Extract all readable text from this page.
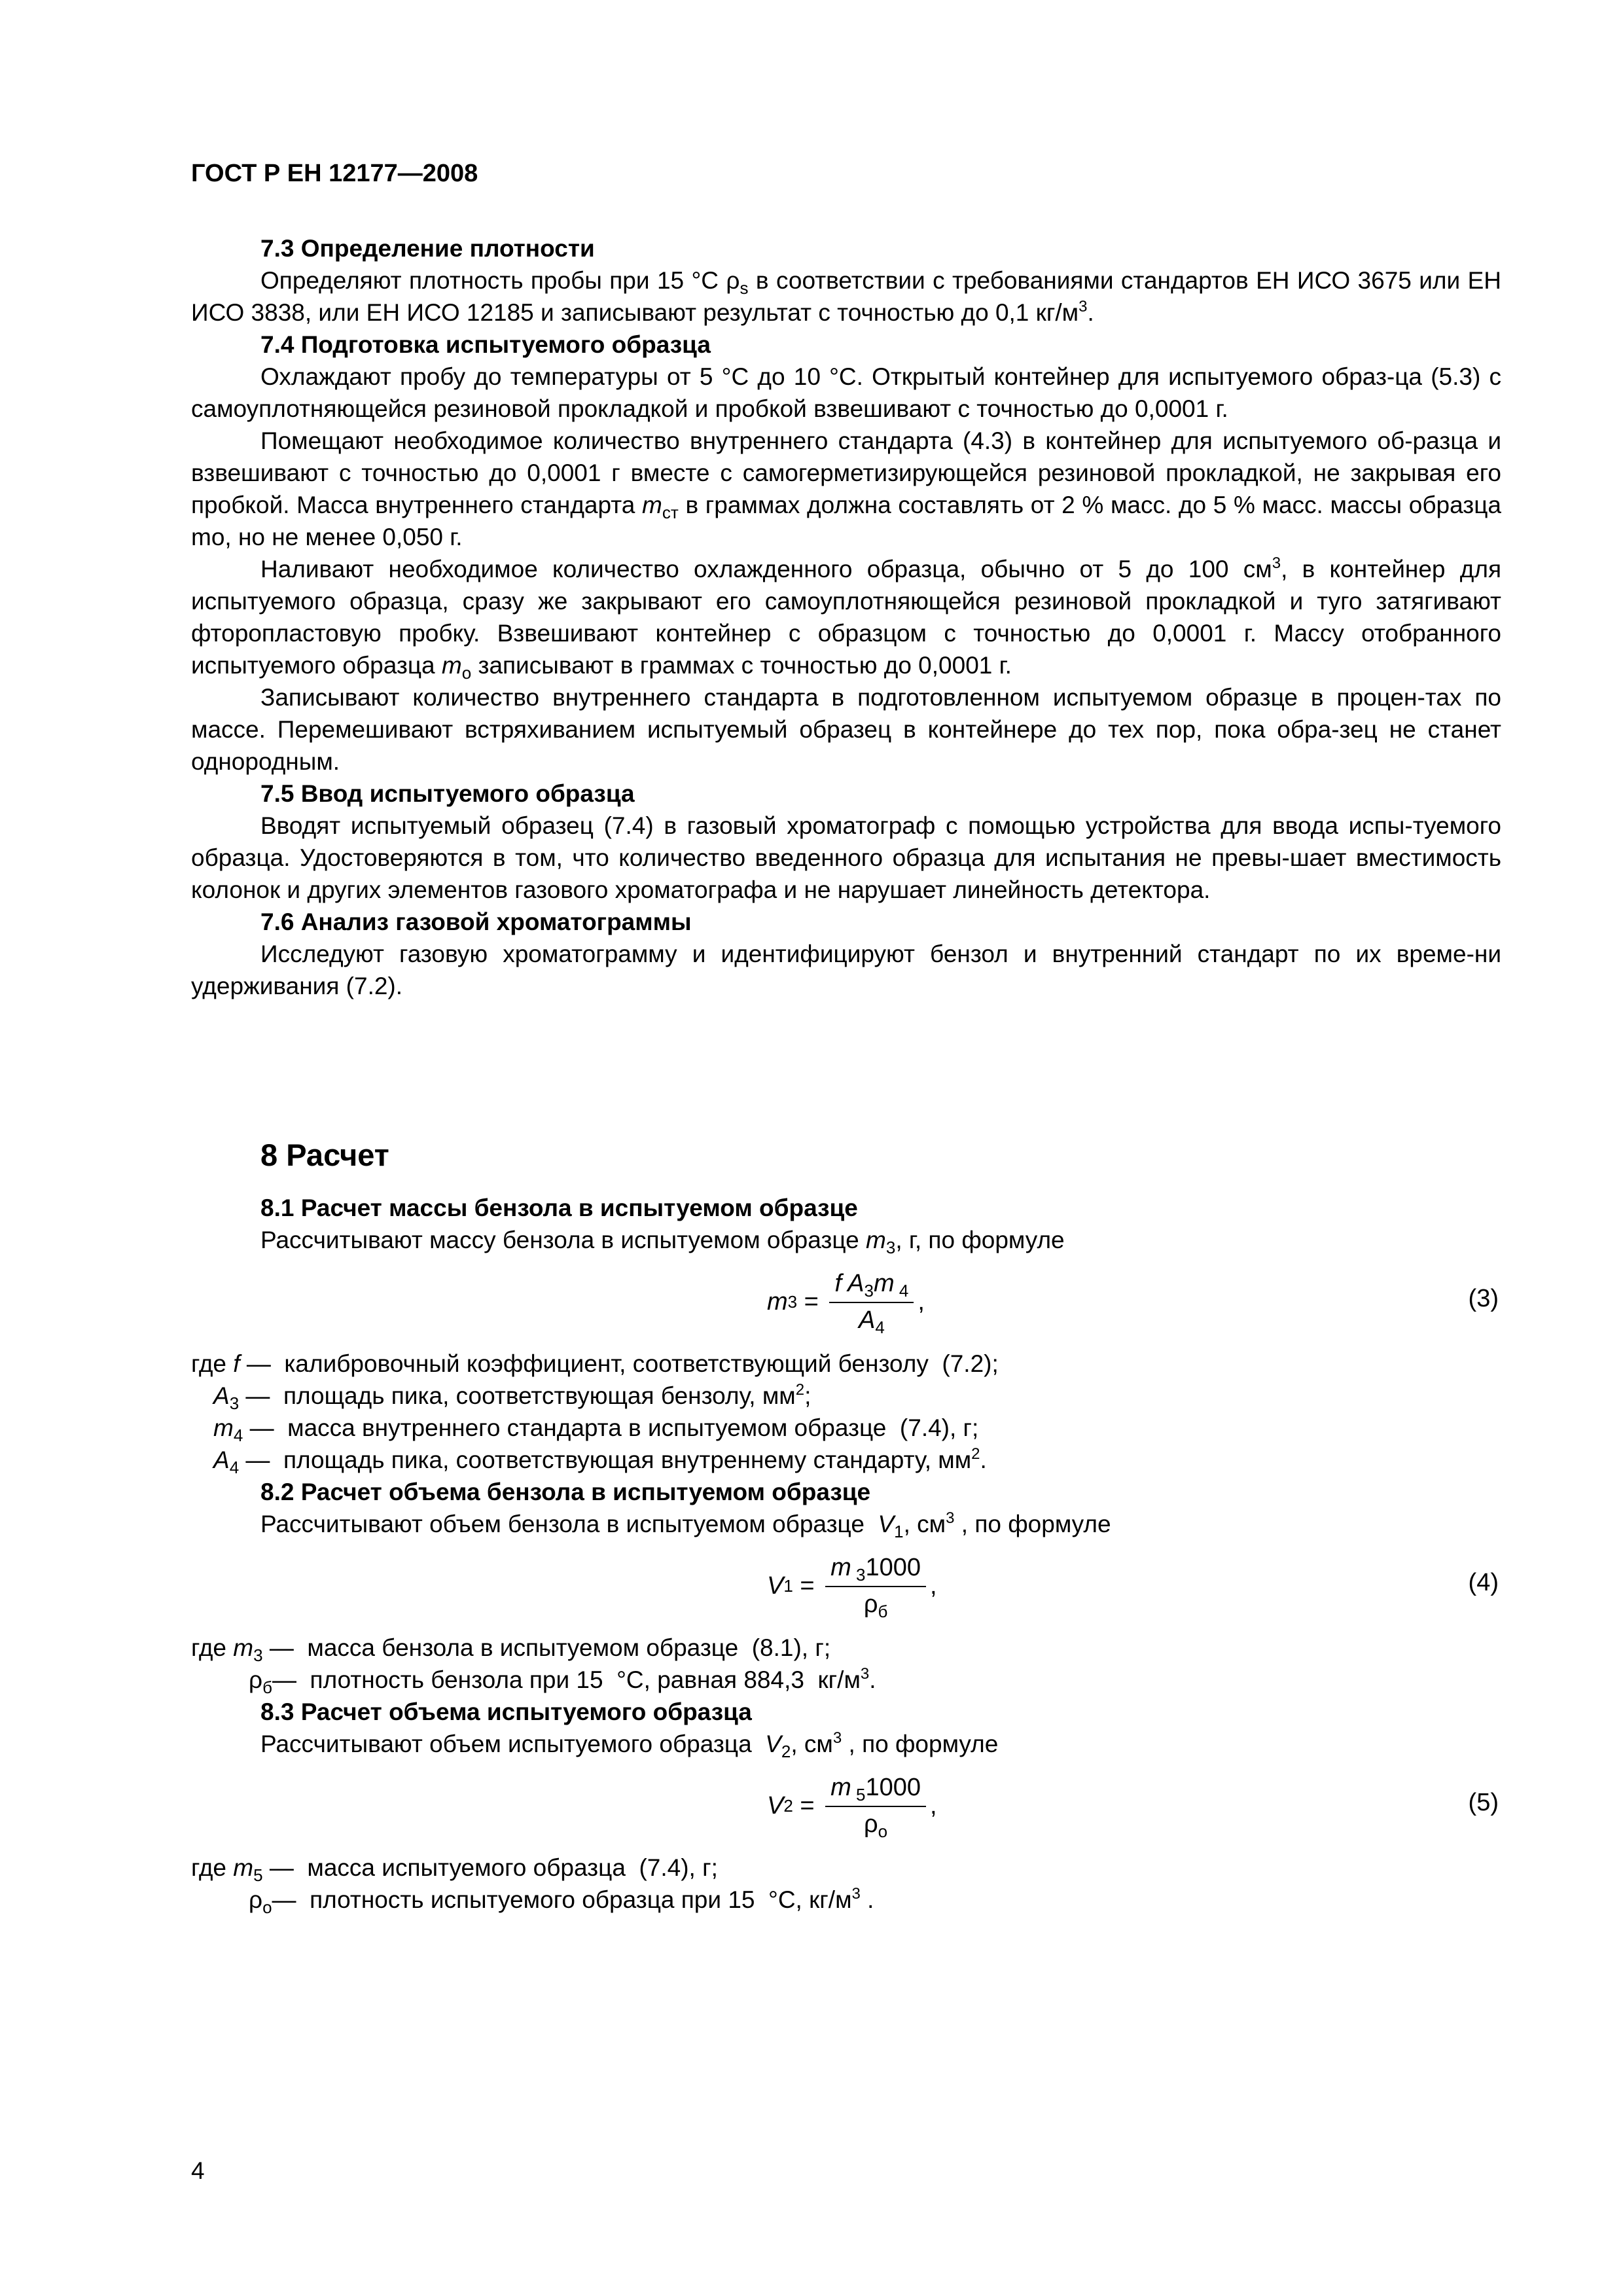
ГОСТ Р ЕН 12177—2008
7.3 Определение плотности

Определяют плотность пробы при 15 °С $\rho_s$ в соответствии с требованиями стандартов ЕН ИСО 3675 или ЕН ИСО 3838, или ЕН ИСО 12185 и записывают результат с точностью до 0,1 $кг/м^3$.

7.4 Подготовка испытуемого образца

Охлаждают пробу до температуры от 5 °С до 10 °С. Открытый контейнер для испытуемого образ-ца (5.3) с самоуплотняющейся резиновой прокладкой и пробкой взвешивают с точностью до 0,0001 г.

Помещают необходимое количество внутреннего стандарта (4.3) в контейнер для испытуемого об-разца и взвешивают с точностью до 0,0001 г вместе с самогерметизирующейся резиновой прокладкой, не закрывая его пробкой. Масса внутреннего стандарта $m_{ст}$ в граммах должна составлять от 2 % масс. до 5 % масс. массы образца mo, но не менее 0,050 г.

Наливают необходимое количество охлажденного образца, обычно от 5 до 100 $см^3$, в контейнер для испытуемого образца, сразу же закрывают его самоуплотняющейся резиновой прокладкой и туго затягивают фторопластовую пробку. Взвешивают контейнер с образцом с точностью до 0,0001 г. Массу отобранного испытуемого образца $m_o$ записывают в граммах с точностью до 0,0001 г.

Записывают количество внутреннего стандарта в подготовленном испытуемом образце в процен-тах по массе. Перемешивают встряхиванием испытуемый образец в контейнере до тех пор, пока обра-зец не станет однородным.

7.5 Ввод испытуемого образца

Вводят испытуемый образец (7.4) в газовый хроматограф с помощью устройства для ввода испы-туемого образца. Удостоверяются в том, что количество введенного образца для испытания не превы-шает вместимость колонок и других элементов газового хроматографа и не нарушает линейность детектора.

7.6 Анализ газовой хроматограммы

Исследуют газовую хроматограмму и идентифицируют бензол и внутренний стандарт по их време-ни удерживания (7.2).

8 Расчет
8.1 Расчет массы бензола в испытуемом образце

Рассчитывают массу бензола в испытуемом образце $m_3$, г, по формуле

m $3 = \frac{f A_3m _4}{A_4}$ ,	(3)
где f —  калибровочный коэффициент, соответствующий бензолу  (7.2);
$A_3$ —  площадь пика, соответствующая бензолу, $мм^2$;
$m_4$ —  масса внутреннего стандарта в испытуемом образце  (7.4), г;
$A_4$ —  площадь пика, соответствующая внутреннему стандарту, $мм^2$.
8.2 Расчет объема бензола в испытуемом образце

Рассчитывают объем бензола в испытуемом образце  $V_1$, $см^3$ , по формуле

V $1 = \frac{m _31000}{\rho_б}$ ,	(4)
где $m_3$ —  масса бензола в испытуемом образце  (8.1), г;
$\rho_б—$  плотность бензола при 15  °С, равная 884,3  $кг/м^3$.
8.3 Расчет объема испытуемого образца

Рассчитывают объем испытуемого образца  $V_2$, $см^3$ , по формуле

V $2 = \frac{m _51000}{\rho_о}$ ,	(5)
где $m_5$ —  масса испытуемого образца  (7.4), г;
$\rho_о—$  плотность испытуемого образца при 15  °С, $кг/м^3$ .
4
